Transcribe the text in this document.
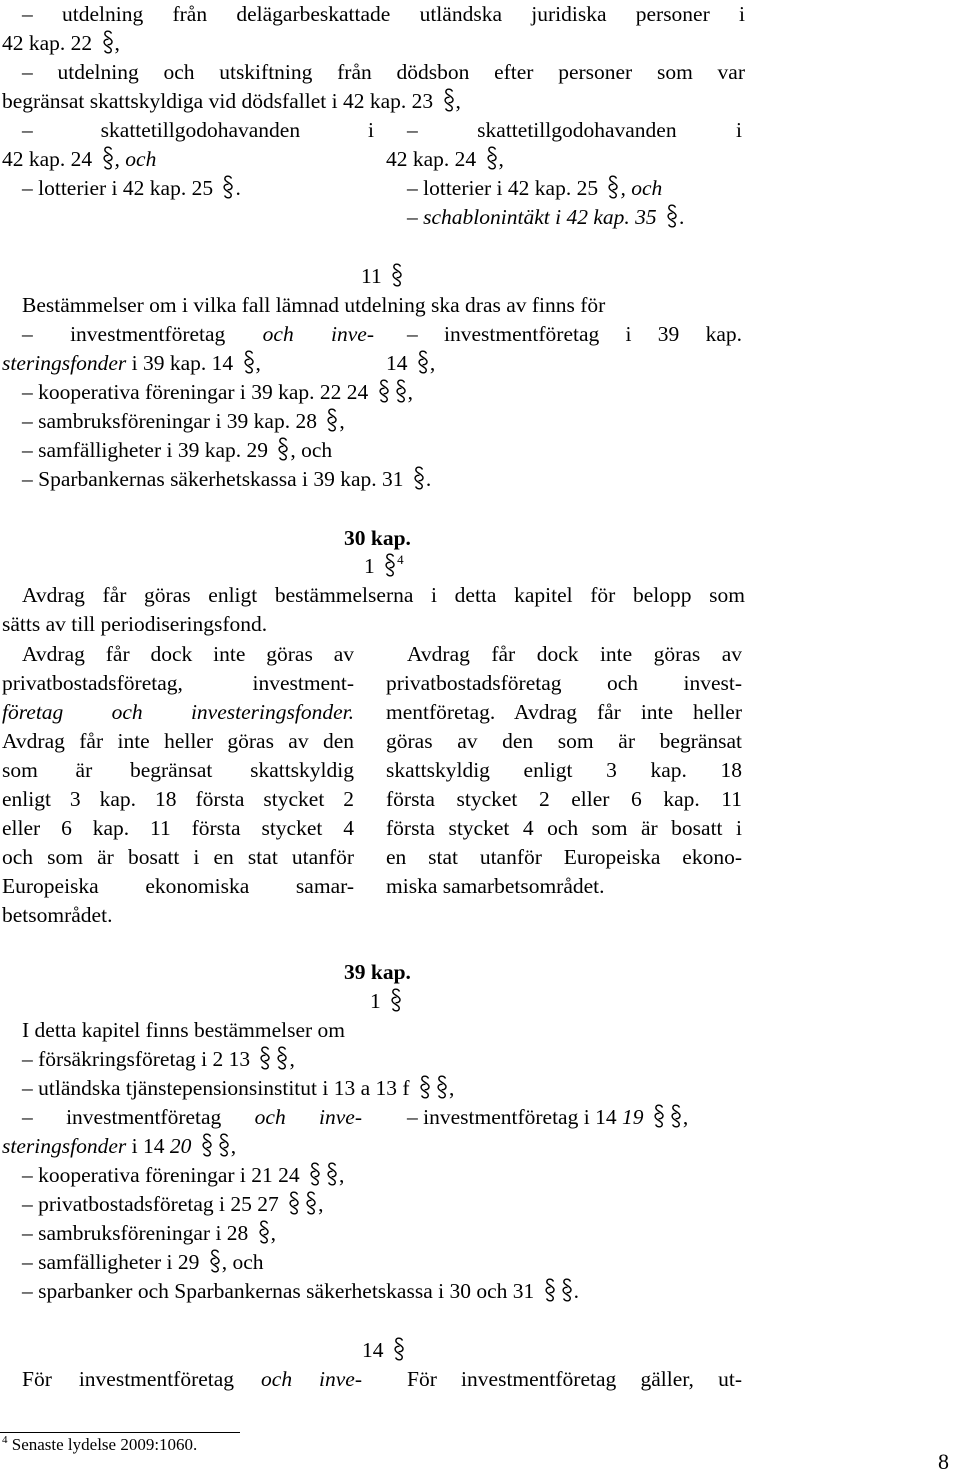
– utdelning från delägarbeskattade utländska juridiska personer i
42 kap. 22 ,
– utdelning och utskiftning från dödsbon efter personer som var
begränsat skattskyldiga vid dödsfallet i 42 kap. 23 ,
– skattetillgodohavanden i
42 kap. 24 , och
– lotterier i 42 kap. 25 .
– skattetillgodohavanden i
42 kap. 24 ,
– lotterier i 42 kap. 25 , och
– schablonintäkt i 42 kap. 35 .
11
Bestämmelser om i vilka fall lämnad utdelning ska dras av finns för
– investmentföretag och inve-
steringsfonder i 39 kap. 14 ,
– investmentföretag i 39 kap.
14 ,
– kooperativa föreningar i 39 kap. 22 24 ,
– sambruksföreningar i 39 kap. 28 ,
– samfälligheter i 39 kap. 29 , och
– Sparbankernas säkerhetskassa i 39 kap. 31 .
30 kap.
1 $^4$
Avdrag får göras enligt bestämmelserna i detta kapitel för belopp som
sätts av till periodiseringsfond.
Avdrag får dock inte göras av
privatbostadsföretag, investment-
företag och investeringsfonder.
Avdrag får inte heller göras av den
som är begränsat skattskyldig
enligt 3 kap. 18 första stycket 2
eller 6 kap. 11 första stycket 4
och som är bosatt i en stat utanför
Europeiska ekonomiska samar-
betsområdet.
Avdrag får dock inte göras av
privatbostadsföretag och invest-
mentföretag. Avdrag får inte heller
göras av den som är begränsat
skattskyldig enligt 3 kap. 18
första stycket 2 eller 6 kap. 11
första stycket 4 och som är bosatt i
en stat utanför Europeiska ekono-
miska samarbetsområdet.
39 kap.
1
I detta kapitel finns bestämmelser om
– försäkringsföretag i 2 13 ,
– utländska tjänstepensionsinstitut i 13 a 13 f ,
– investmentföretag och inve-
steringsfonder i 14 20 ,
– investmentföretag i 14 19 ,
– kooperativa föreningar i 21 24 ,
– privatbostadsföretag i 25 27 ,
– sambruksföreningar i 28 ,
– samfälligheter i 29 , och
– sparbanker och Sparbankernas säkerhetskassa i 30 och 31 .
14
För investmentföretag och inve- För investmentföretag gäller, ut-
$^4$ Senaste lydelse 2009:1060.
8
